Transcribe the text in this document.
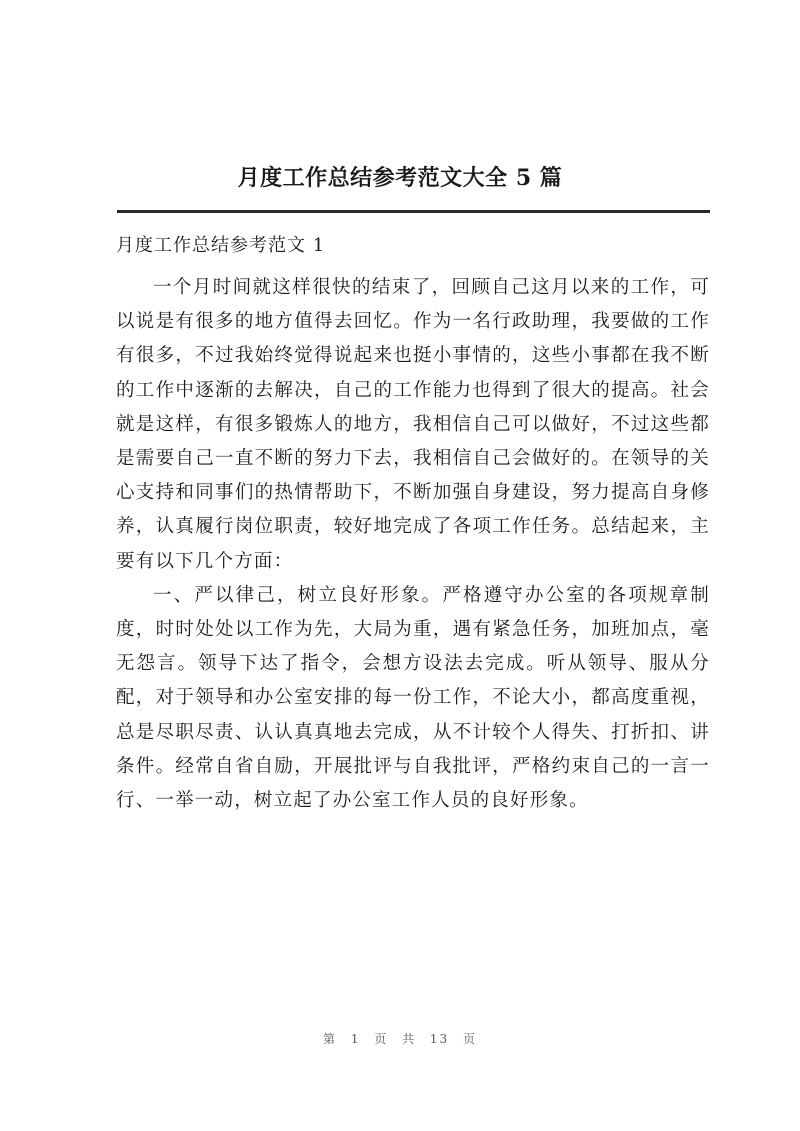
月度工作总结参考范文大全 5 篇
月度工作总结参考范文 1

一个月时间就这样很快的结束了，回顾自己这月以来的工作，可以说是有很多的地方值得去回忆。作为一名行政助理，我要做的工作有很多，不过我始终觉得说起来也挺小事情的，这些小事都在我不断的工作中逐渐的去解决，自己的工作能力也得到了很大的提高。社会就是这样，有很多锻炼人的地方，我相信自己可以做好，不过这些都是需要自己一直不断的努力下去，我相信自己会做好的。在领导的关心支持和同事们的热情帮助下，不断加强自身建设，努力提高自身修养，认真履行岗位职责，较好地完成了各项工作任务。总结起来，主要有以下几个方面：

一、严以律己，树立良好形象。严格遵守办公室的各项规章制度，时时处处以工作为先，大局为重，遇有紧急任务，加班加点，毫无怨言。领导下达了指令，会想方设法去完成。听从领导、服从分配，对于领导和办公室安排的每一份工作，不论大小，都高度重视，总是尽职尽责、认认真真地去完成，从不计较个人得失、打折扣、讲条件。经常自省自励，开展批评与自我批评，严格约束自己的一言一行、一举一动，树立起了办公室工作人员的良好形象。

第 1 页 共 13 页
